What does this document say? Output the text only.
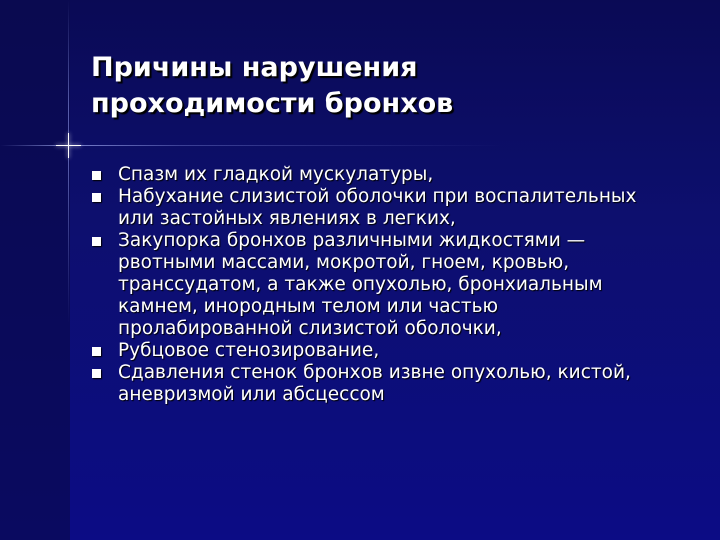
Причины нарушения
проходимости бронхов
Спазм их гладкой мускулатуры,
Набухание слизистой оболочки при воспалительных или застойных явлениях в легких,
Закупорка бронхов различными жидкостями — рвотными массами, мокротой, гноем, кровью, транссудатом, а также опухолью, бронхиальным камнем, инородным телом или частью пролабированной слизистой оболочки,
Рубцовое стенозирование,
Сдавления стенок бронхов извне опухолью, кистой, аневризмой или абсцессом
